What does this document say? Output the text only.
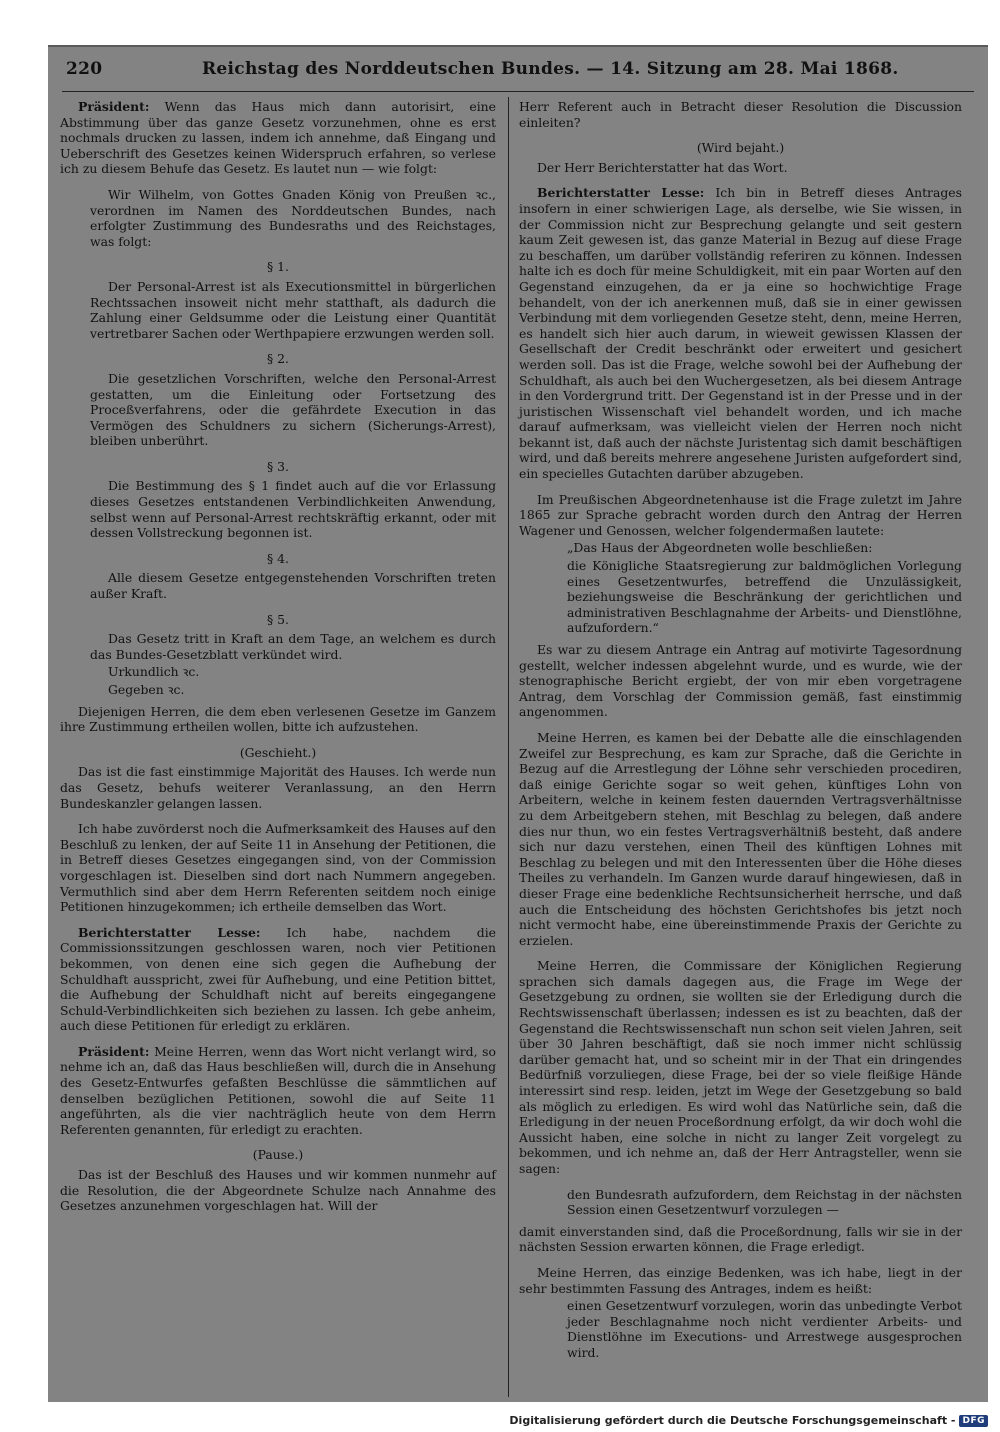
220	Reichstag des Norddeutschen Bundes. — 14. Sitzung am 28. Mai 1868.

Präsident: Wenn das Haus mich dann autorisirt, eine Abstimmung über das ganze Gesetz vorzunehmen, ohne es erst nochmals drucken zu lassen, indem ich annehme, daß Eingang und Ueberschrift des Gesetzes keinen Widerspruch erfahren, so verlese ich zu diesem Behufe das Gesetz. Es lautet nun — wie folgt:

Wir Wilhelm, von Gottes Gnaden König von Preußen ꝛc., verordnen im Namen des Norddeutschen Bundes, nach erfolgter Zustimmung des Bundesraths und des Reichstages, was folgt:

§ 1.

Der Personal-Arrest ist als Executionsmittel in bürgerlichen Rechtssachen insoweit nicht mehr statthaft, als dadurch die Zahlung einer Geldsumme oder die Leistung einer Quantität vertretbarer Sachen oder Werthpapiere erzwungen werden soll.

§ 2.

Die gesetzlichen Vorschriften, welche den Personal-Arrest gestatten, um die Einleitung oder Fortsetzung des Proceßverfahrens, oder die gefährdete Execution in das Vermögen des Schuldners zu sichern (Sicherungs-Arrest), bleiben unberührt.

§ 3.

Die Bestimmung des § 1 findet auch auf die vor Erlassung dieses Gesetzes entstandenen Verbindlichkeiten Anwendung, selbst wenn auf Personal-Arrest rechtskräftig erkannt, oder mit dessen Vollstreckung begonnen ist.

§ 4.

Alle diesem Gesetze entgegenstehenden Vorschriften treten außer Kraft.

§ 5.

Das Gesetz tritt in Kraft an dem Tage, an welchem es durch das Bundes-Gesetzblatt verkündet wird.

Urkundlich ꝛc.

Gegeben ꝛc.

Diejenigen Herren, die dem eben verlesenen Gesetze im Ganzem ihre Zustimmung ertheilen wollen, bitte ich aufzustehen.

(Geschieht.)

Das ist die fast einstimmige Majorität des Hauses. Ich werde nun das Gesetz, behufs weiterer Veranlassung, an den Herrn Bundeskanzler gelangen lassen.

Ich habe zuvörderst noch die Aufmerksamkeit des Hauses auf den Beschluß zu lenken, der auf Seite 11 in Ansehung der Petitionen, die in Betreff dieses Gesetzes eingegangen sind, von der Commission vorgeschlagen ist. Dieselben sind dort nach Nummern angegeben. Vermuthlich sind aber dem Herrn Referenten seitdem noch einige Petitionen hinzugekommen; ich ertheile demselben das Wort.

Berichterstatter Lesse: Ich habe, nachdem die Commissionssitzungen geschlossen waren, noch vier Petitionen bekommen, von denen eine sich gegen die Aufhebung der Schuldhaft ausspricht, zwei für Aufhebung, und eine Petition bittet, die Aufhebung der Schuldhaft nicht auf bereits eingegangene Schuld-Verbindlichkeiten sich beziehen zu lassen. Ich gebe anheim, auch diese Petitionen für erledigt zu erklären.

Präsident: Meine Herren, wenn das Wort nicht verlangt wird, so nehme ich an, daß das Haus beschließen will, durch die in Ansehung des Gesetz-Entwurfes gefaßten Beschlüsse die sämmtlichen auf denselben bezüglichen Petitionen, sowohl die auf Seite 11 angeführten, als die vier nachträglich heute von dem Herrn Referenten genannten, für erledigt zu erachten.

(Pause.)

Das ist der Beschluß des Hauses und wir kommen nunmehr auf die Resolution, die der Abgeordnete Schulze nach Annahme des Gesetzes anzunehmen vorgeschlagen hat. Will der

Herr Referent auch in Betracht dieser Resolution die Discussion einleiten?

(Wird bejaht.)

Der Herr Berichterstatter hat das Wort.

Berichterstatter Lesse: Ich bin in Betreff dieses Antrages insofern in einer schwierigen Lage, als derselbe, wie Sie wissen, in der Commission nicht zur Besprechung gelangte und seit gestern kaum Zeit gewesen ist, das ganze Material in Bezug auf diese Frage zu beschaffen, um darüber vollständig referiren zu können. Indessen halte ich es doch für meine Schuldigkeit, mit ein paar Worten auf den Gegenstand einzugehen, da er ja eine so hochwichtige Frage behandelt, von der ich anerkennen muß, daß sie in einer gewissen Verbindung mit dem vorliegenden Gesetze steht, denn, meine Herren, es handelt sich hier auch darum, in wieweit gewissen Klassen der Gesellschaft der Credit beschränkt oder erweitert und gesichert werden soll. Das ist die Frage, welche sowohl bei der Aufhebung der Schuldhaft, als auch bei den Wuchergesetzen, als bei diesem Antrage in den Vordergrund tritt. Der Gegenstand ist in der Presse und in der juristischen Wissenschaft viel behandelt worden, und ich mache darauf aufmerksam, was vielleicht vielen der Herren noch nicht bekannt ist, daß auch der nächste Juristentag sich damit beschäftigen wird, und daß bereits mehrere angesehene Juristen aufgefordert sind, ein specielles Gutachten darüber abzugeben.

Im Preußischen Abgeordnetenhause ist die Frage zuletzt im Jahre 1865 zur Sprache gebracht worden durch den Antrag der Herren Wagener und Genossen, welcher folgendermaßen lautete:

„Das Haus der Abgeordneten wolle beschließen:

die Königliche Staatsregierung zur baldmöglichen Vorlegung eines Gesetzentwurfes, betreffend die Unzulässigkeit, beziehungsweise die Beschränkung der gerichtlichen und administrativen Beschlagnahme der Arbeits- und Dienstlöhne, aufzufordern.“

Es war zu diesem Antrage ein Antrag auf motivirte Tagesordnung gestellt, welcher indessen abgelehnt wurde, und es wurde, wie der stenographische Bericht ergiebt, der von mir eben vorgetragene Antrag, dem Vorschlag der Commission gemäß, fast einstimmig angenommen.

Meine Herren, es kamen bei der Debatte alle die einschlagenden Zweifel zur Besprechung, es kam zur Sprache, daß die Gerichte in Bezug auf die Arrestlegung der Löhne sehr verschieden procediren, daß einige Gerichte sogar so weit gehen, künftiges Lohn von Arbeitern, welche in keinem festen dauernden Vertragsverhältnisse zu dem Arbeitgebern stehen, mit Beschlag zu belegen, daß andere dies nur thun, wo ein festes Vertragsverhältniß besteht, daß andere sich nur dazu verstehen, einen Theil des künftigen Lohnes mit Beschlag zu belegen und mit den Interessenten über die Höhe dieses Theiles zu verhandeln. Im Ganzen wurde darauf hingewiesen, daß in dieser Frage eine bedenkliche Rechtsunsicherheit herrsche, und daß auch die Entscheidung des höchsten Gerichtshofes bis jetzt noch nicht vermocht habe, eine übereinstimmende Praxis der Gerichte zu erzielen.

Meine Herren, die Commissare der Königlichen Regierung sprachen sich damals dagegen aus, die Frage im Wege der Gesetzgebung zu ordnen, sie wollten sie der Erledigung durch die Rechtswissenschaft überlassen; indessen es ist zu beachten, daß der Gegenstand die Rechtswissenschaft nun schon seit vielen Jahren, seit über 30 Jahren beschäftigt, daß sie noch immer nicht schlüssig darüber gemacht hat, und so scheint mir in der That ein dringendes Bedürfniß vorzuliegen, diese Frage, bei der so viele fleißige Hände interessirt sind resp. leiden, jetzt im Wege der Gesetzgebung so bald als möglich zu erledigen. Es wird wohl das Natürliche sein, daß die Erledigung in der neuen Proceßordnung erfolgt, da wir doch wohl die Aussicht haben, eine solche in nicht zu langer Zeit vorgelegt zu bekommen, und ich nehme an, daß der Herr Antragsteller, wenn sie sagen:

den Bundesrath aufzufordern, dem Reichstag in der nächsten Session einen Gesetzentwurf vorzulegen —

damit einverstanden sind, daß die Proceßordnung, falls wir sie in der nächsten Session erwarten können, die Frage erledigt.

Meine Herren, das einzige Bedenken, was ich habe, liegt in der sehr bestimmten Fassung des Antrages, indem es heißt:

einen Gesetzentwurf vorzulegen, worin das unbedingte Verbot jeder Beschlagnahme noch nicht verdienter Arbeits- und Dienstlöhne im Executions- und Arrestwege ausgesprochen wird.

Digitalisierung gefördert durch die Deutsche Forschungsgemeinschaft - DFG
